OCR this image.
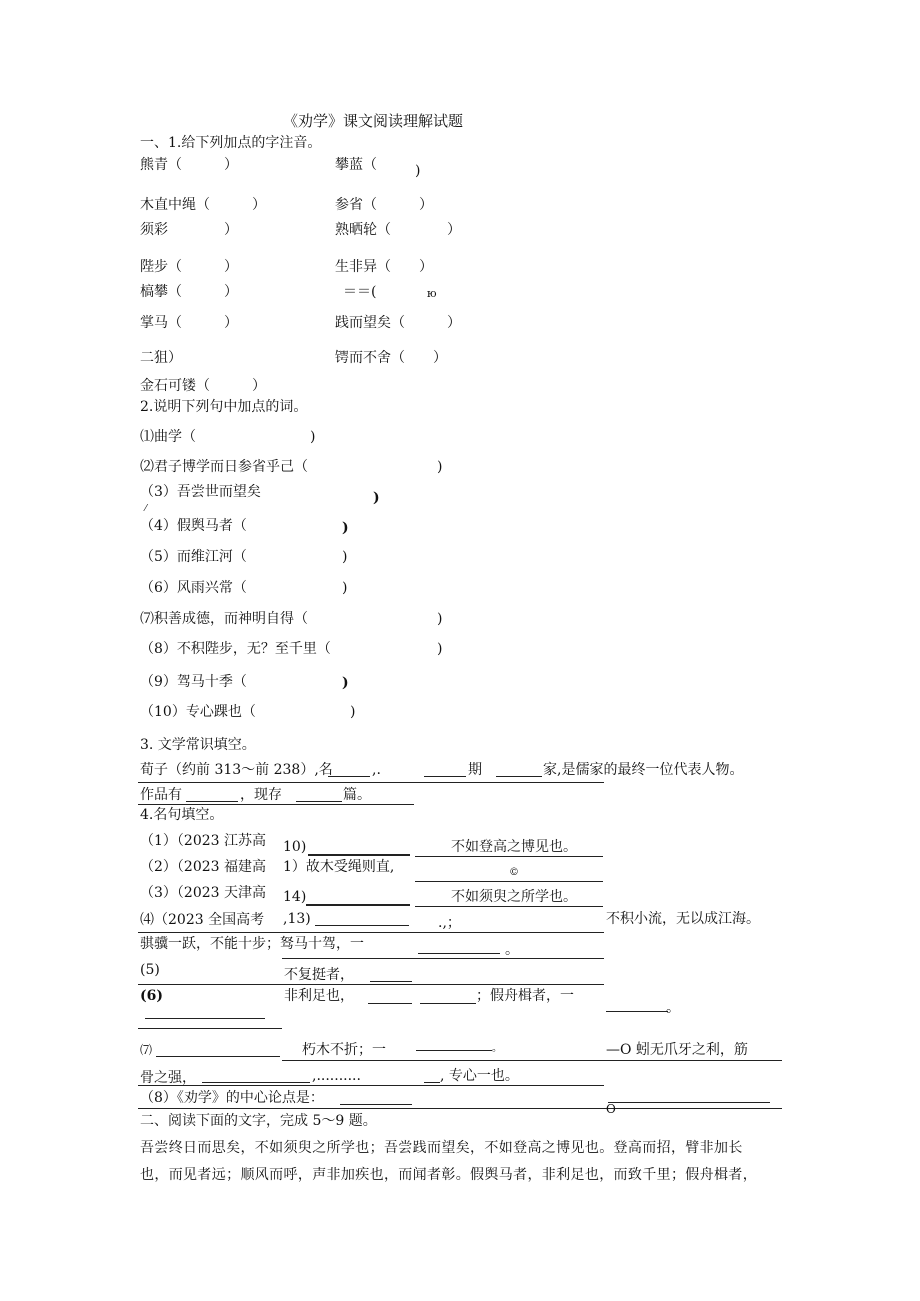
《劝学》课文阅读理解试题
一、1.给下列加点的字注音。
熊青（　　　）	攀蓝（	)
木直中绳（　　　）	参省（　　　）
须彩　　　　）	熟晒轮（　　　　）
陛步（　　　）	生非异（　　）
槁攀（　　　）	＝＝(	ю
掌马（　　　）	践而望矣（　　　）
二狙）	锷而不舍（　　）
金石可镂（　　　）
2.说明下列句中加点的词。
⑴曲学（	)
⑵君子博学而日参省乎己（	)
（3）吾尝世而望矣	)
⁄
（4）假舆马者（	)
（5）而维江河（	)
（6）风雨兴常（	)
⑺积善成德，而神明自得（	)
（8）不积陛步，无？至千里（	)
（9）驾马十季（	)
（10）专心踝也（	)
3. 文学常识填空。
荀子（约前 313～前 238）,名	,.	期	家,是儒家的最终一位代表人物。
作品有	，现存	篇。
4.名句填空。
（1）（2023 江苏高 10)	不如登高之博见也。
（2）（2023 福建高 1）故木受绳则直,	©
（3）（2023 天津高 14)	不如须臾之所学也。
⑷（2023 全国高考 ,13)	.,；	不积小流，无以成江海。
骐骥一跃，不能十步；驽马十驾，一	。
(5)	不复挺者，
(6)	非利足也，	；假舟楫者，一
。
⑺	朽木不折；一	。	—O 蚓无爪牙之利，筋
骨之强，	,..........	, 专心一也。
（8）《劝学》的中心论点是：
O
二、阅读下面的文字，完成 5～9 题。
吾尝终日而思矣，不如须臾之所学也；吾尝践而望矣，不如登高之博见也。登高而招，臂非加长
也，而见者远；顺风而呼，声非加疾也，而闻者彰。假舆马者，非利足也，而致千里；假舟楫者，
